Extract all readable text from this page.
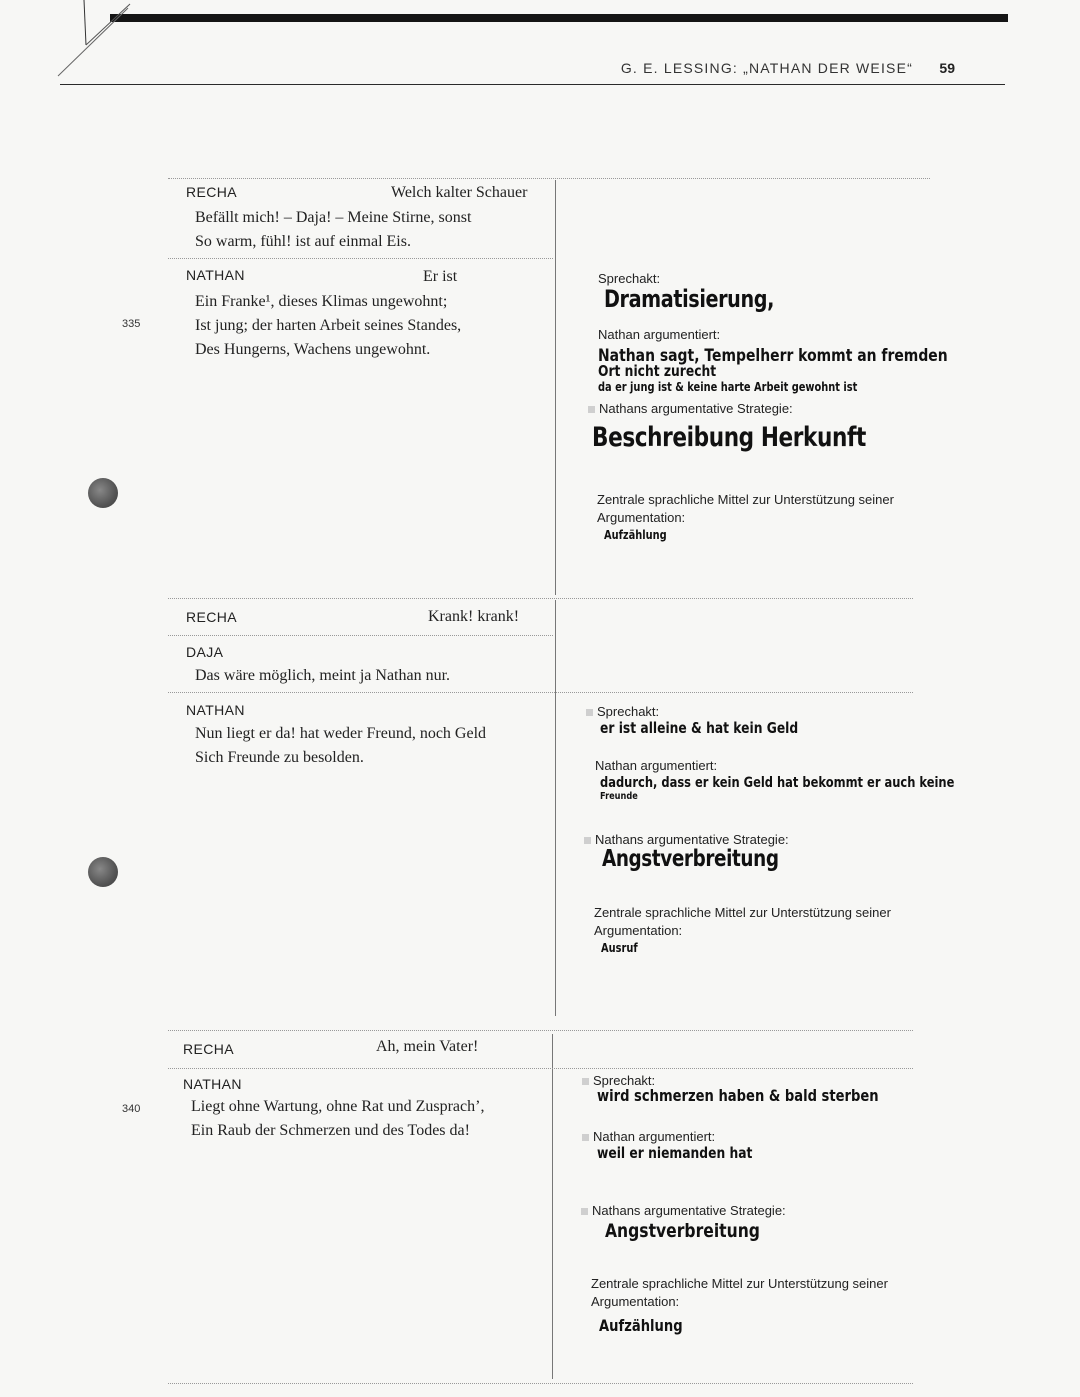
G. E. LESSING: „NATHAN DER WEISE“ 59
335
340
RECHA	Welch kalter Schauer
Befällt mich! – Daja! – Meine Stirne, sonst
So warm, fühl! ist auf einmal Eis.
NATHAN	Er ist
Ein Franke¹, dieses Klimas ungewohnt;
Ist jung; der harten Arbeit seines Standes,
Des Hungerns, Wachens ungewohnt.
Sprechakt:
Dramatisierung,
Nathan argumentiert:
Nathan sagt, Tempelherr kommt an fremden
Ort nicht zurecht
da er jung ist & keine harte Arbeit gewohnt ist
Nathans argumentative Strategie:
Beschreibung Herkunft
Zentrale sprachliche Mittel zur Unterstützung seiner
Argumentation:
Aufzählung
RECHA	Krank! krank!
DAJA
Das wäre möglich, meint ja Nathan nur.
NATHAN
Nun liegt er da! hat weder Freund, noch Geld
Sich Freunde zu besolden.
Sprechakt:
er ist alleine & hat kein Geld
Nathan argumentiert:
dadurch, dass er kein Geld hat bekommt er auch keine
Freunde
Nathans argumentative Strategie:
Angstverbreitung
Zentrale sprachliche Mittel zur Unterstützung seiner
Argumentation:
Ausruf
RECHA	Ah, mein Vater!
NATHAN
Liegt ohne Wartung, ohne Rat und Zusprach’,
Ein Raub der Schmerzen und des Todes da!
Sprechakt:
wird schmerzen haben & bald sterben
Nathan argumentiert:
weil er niemanden hat
Nathans argumentative Strategie:
Angstverbreitung
Zentrale sprachliche Mittel zur Unterstützung seiner
Argumentation:
Aufzählung
